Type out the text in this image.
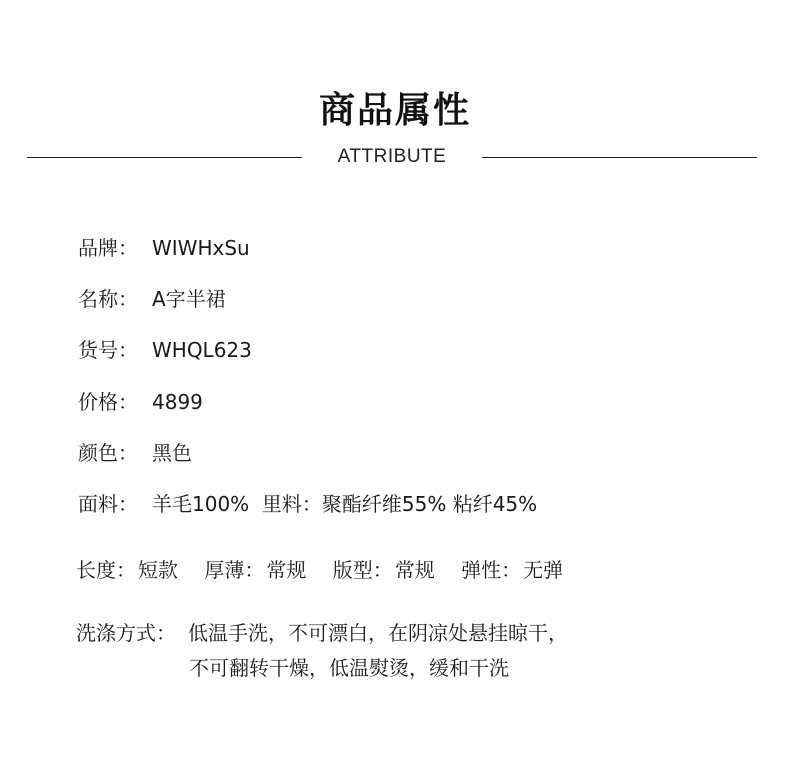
商品属性
ATTRIBUTE
品牌： WIWHxSu
名称： A字半裙
货号： WHQL623
价格： 4899
颜色： 黑色
面料： 羊毛100%  里料：聚酯纤维55% 粘纤45%
长度： 短款 厚薄： 常规 版型： 常规 弹性： 无弹
洗涤方式： 低温手洗，不可漂白，在阴凉处悬挂晾干，
不可翻转干燥，低温熨烫，缓和干洗
